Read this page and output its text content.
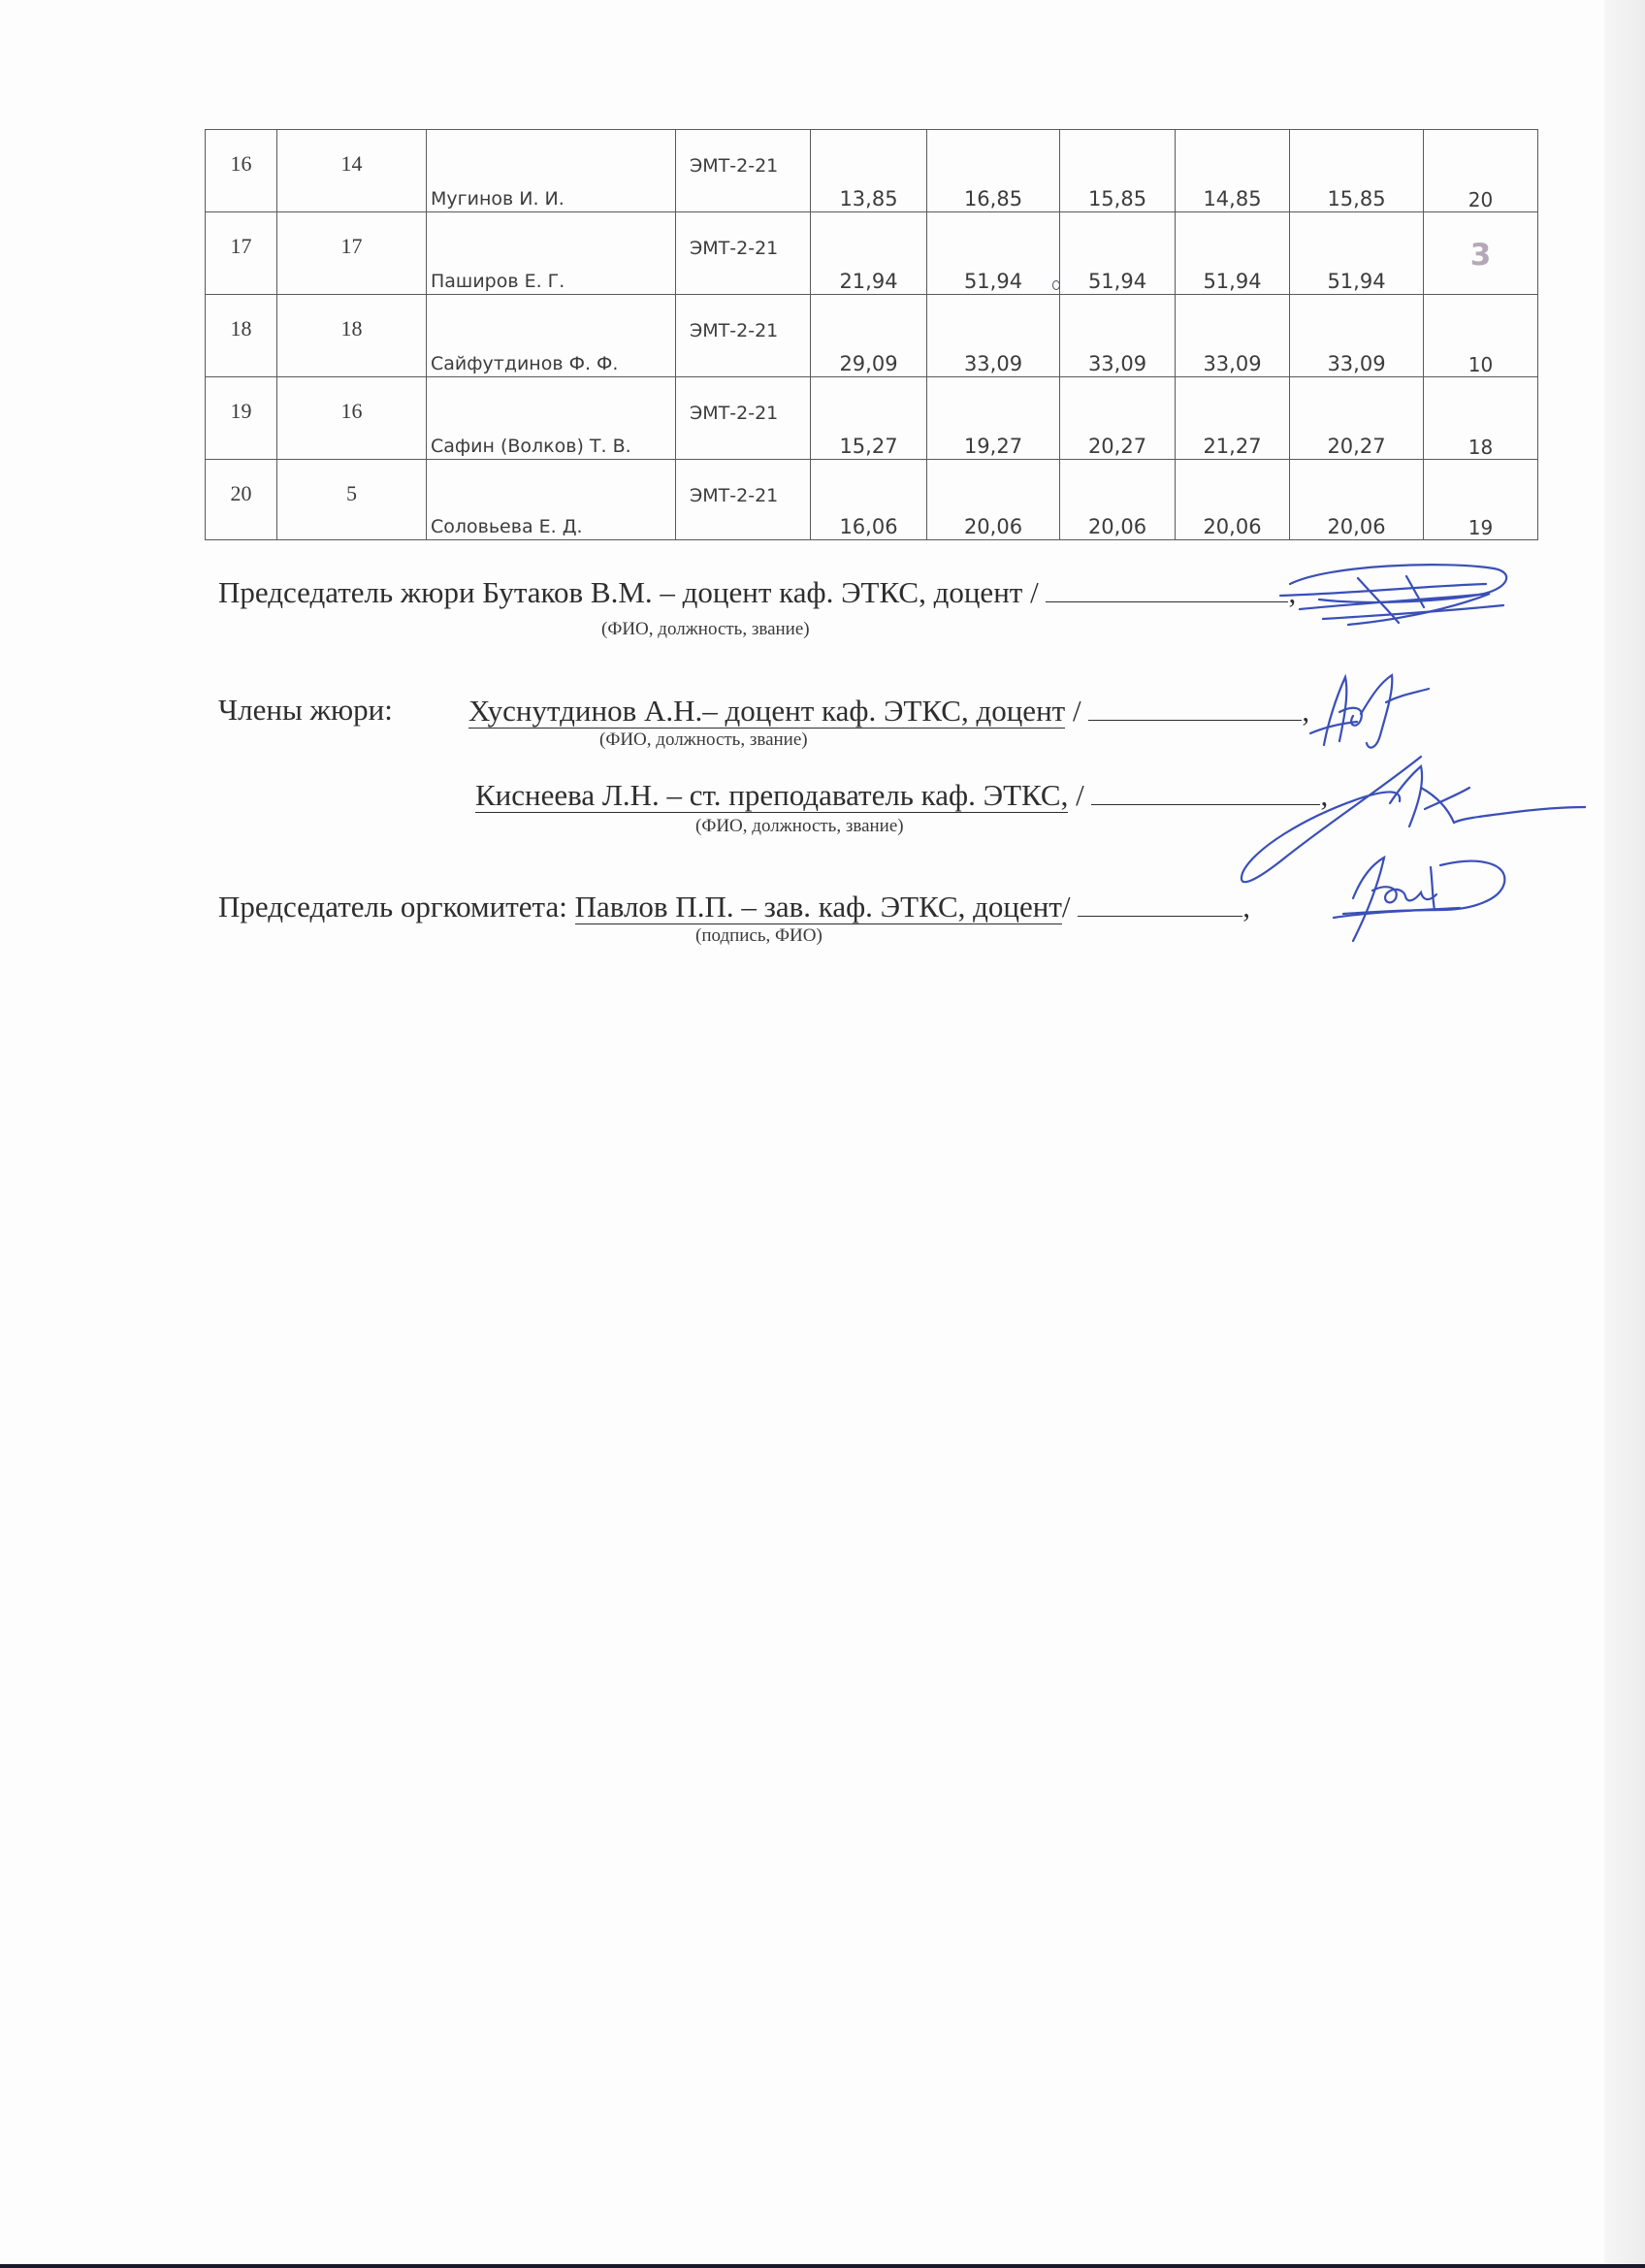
16	14	Мугинов И. И.	ЭМТ-2-21	13,85	16,85	15,85	14,85	15,85	20

17	17	Паширов Е. Г.	ЭМТ-2-21	21,94	51,94	51,94	51,94	51,94	3

18	18	Сайфутдинов Ф. Ф.	ЭМТ-2-21	29,09	33,09	33,09	33,09	33,09	10

19	16	Сафин (Волков) Т. В.	ЭМТ-2-21	15,27	19,27	20,27	21,27	20,27	18

20	5	Соловьева Е. Д.	ЭМТ-2-21	16,06	20,06	20,06	20,06	20,06	19
Председатель жюри Бутаков В.М. – доцент каф. ЭТКС, доцент /	,
(ФИО, должность, звание)
Члены жюри:	Хуснутдинов А.Н.– доцент каф. ЭТКС, доцент /	,
(ФИО, должность, звание)
Киснеева Л.Н. – ст. преподаватель каф. ЭТКС, /	,
(ФИО, должность, звание)
Председатель оргкомитета: Павлов П.П. – зав. каф. ЭТКС, доцент/	,
(подпись, ФИО)
